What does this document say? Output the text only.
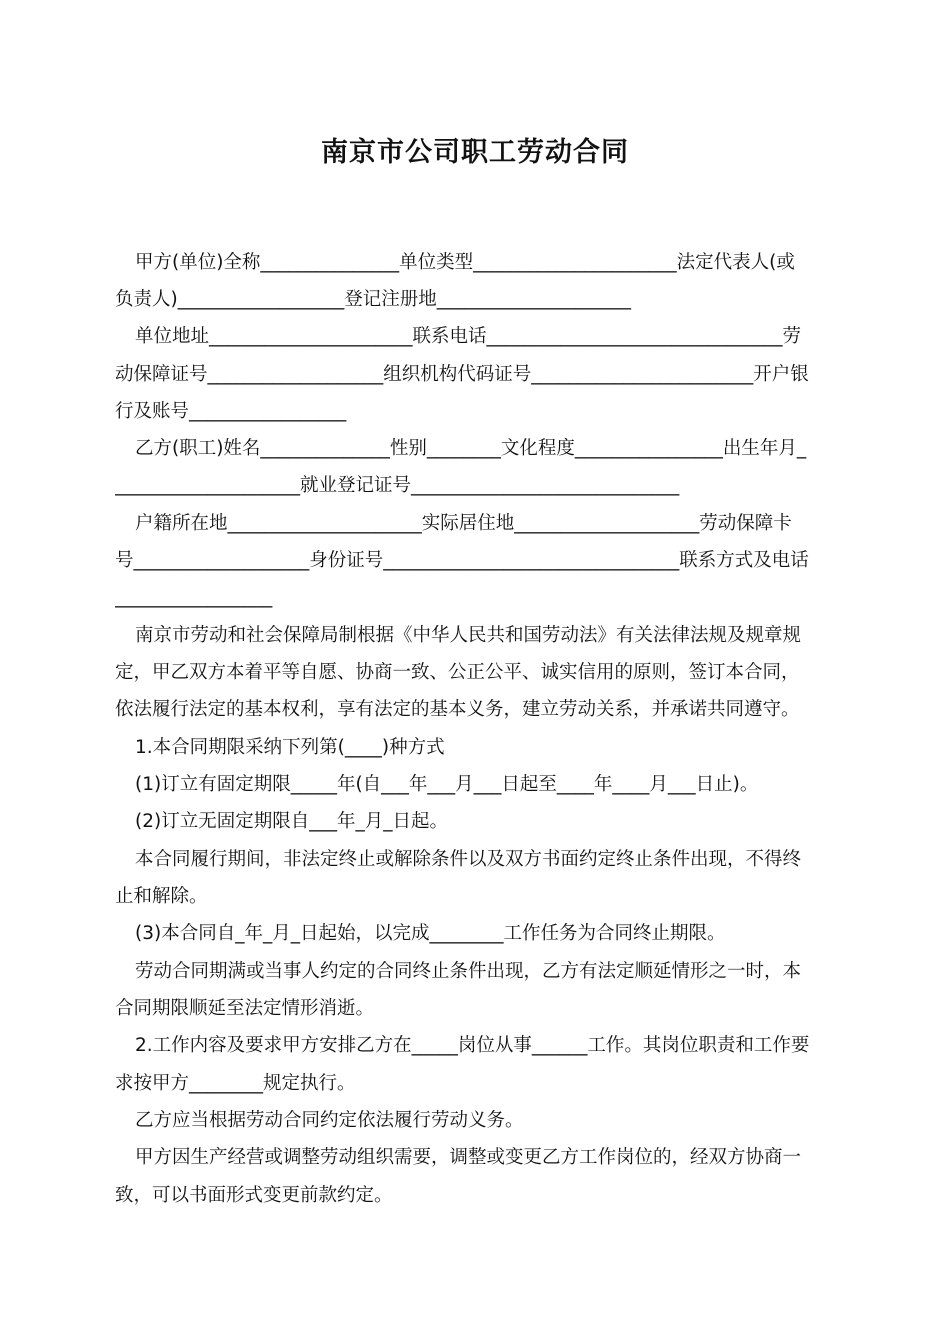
南京市公司职工劳动合同
甲方(单位)全称_______________单位类型______________________法定代表人(或
负责人)__________________登记注册地_____________________
单位地址______________________联系电话________________________________劳
动保障证号___________________组织机构代码证号________________________开户银
行及账号_________________
乙方(职工)姓名______________性别________文化程度________________出生年月_
____________________就业登记证号_____________________________
户籍所在地_____________________实际居住地____________________劳动保障卡
号___________________身份证号________________________________联系方式及电话
_________________
南京市劳动和社会保障局制根据《中华人民共和国劳动法》有关法律法规及规章规
定，甲乙双方本着平等自愿、协商一致、公正公平、诚实信用的原则，签订本合同，
依法履行法定的基本权利，享有法定的基本义务，建立劳动关系，并承诺共同遵守。
1.本合同期限采纳下列第(____)种方式
(1)订立有固定期限_____年(自___年___月___日起至____年____月___日止)。
(2)订立无固定期限自___年_月_日起。
本合同履行期间，非法定终止或解除条件以及双方书面约定终止条件出现，不得终
止和解除。
(3)本合同自_年_月_日起始，以完成________工作任务为合同终止期限。
劳动合同期满或当事人约定的合同终止条件出现，乙方有法定顺延情形之一时，本
合同期限顺延至法定情形消逝。
2.工作内容及要求甲方安排乙方在_____岗位从事______工作。其岗位职责和工作要
求按甲方________规定执行。
乙方应当根据劳动合同约定依法履行劳动义务。
甲方因生产经营或调整劳动组织需要，调整或变更乙方工作岗位的，经双方协商一
致，可以书面形式变更前款约定。
